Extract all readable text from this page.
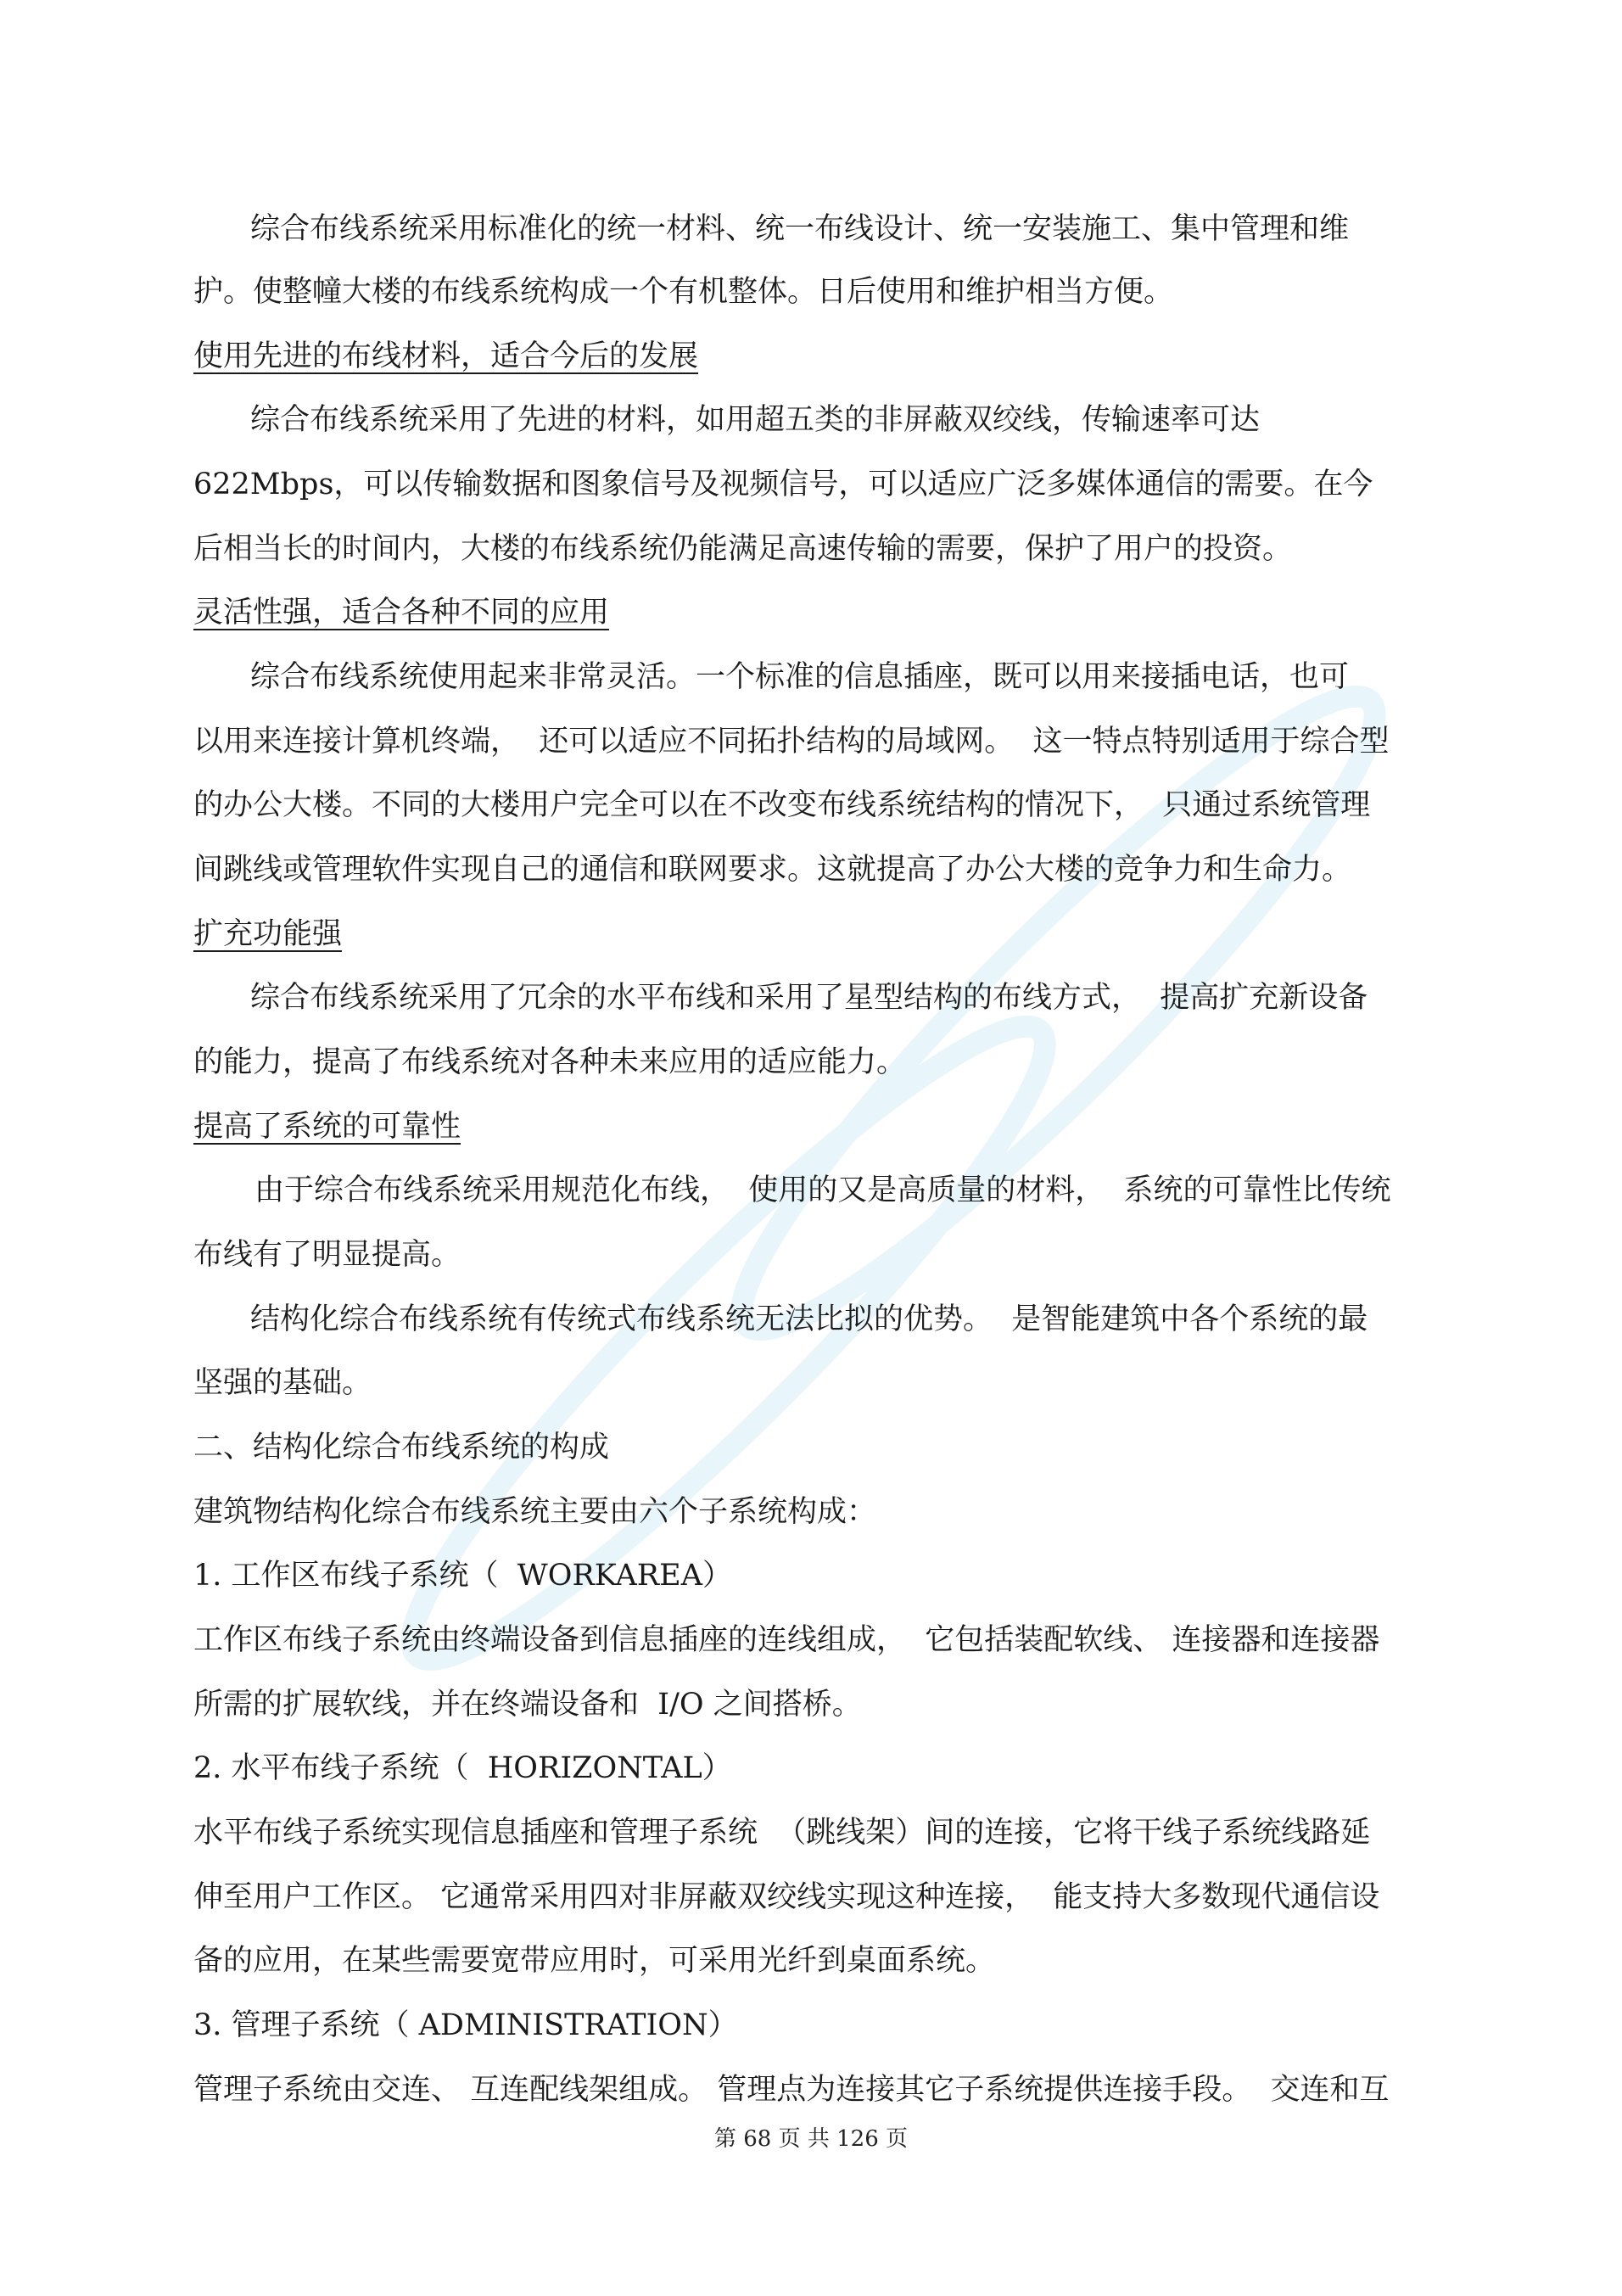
综合布线系统采用标准化的统一材料、统一布线设计、统一安装施工、集中管理和维

护。使整幢大楼的布线系统构成一个有机整体。日后使用和维护相当方便。

使用先进的布线材料，适合今后的发展

综合布线系统采用了先进的材料，如用超五类的非屏蔽双绞线，传输速率可达

622Mbps，可以传输数据和图象信号及视频信号，可以适应广泛多媒体通信的需要。在今

后相当长的时间内，大楼的布线系统仍能满足高速传输的需要，保护了用户的投资。

灵活性强，适合各种不同的应用

综合布线系统使用起来非常灵活。一个标准的信息插座，既可以用来接插电话，也可

以用来连接计算机终端，  还可以适应不同拓扑结构的局域网。  这一特点特别适用于综合型

的办公大楼。不同的大楼用户完全可以在不改变布线系统结构的情况下，  只通过系统管理

间跳线或管理软件实现自己的通信和联网要求。这就提高了办公大楼的竞争力和生命力。

扩充功能强

综合布线系统采用了冗余的水平布线和采用了星型结构的布线方式，  提高扩充新设备

的能力，提高了布线系统对各种未来应用的适应能力。

提高了系统的可靠性

由于综合布线系统采用规范化布线，  使用的又是高质量的材料，  系统的可靠性比传统

布线有了明显提高。

结构化综合布线系统有传统式布线系统无法比拟的优势。  是智能建筑中各个系统的最

坚强的基础。

二、结构化综合布线系统的构成

建筑物结构化综合布线系统主要由六个子系统构成：

1. 工作区布线子系统（  WORKAREA）

工作区布线子系统由终端设备到信息插座的连线组成，  它包括装配软线、 连接器和连接器

所需的扩展软线，并在终端设备和  I/O 之间搭桥。

2. 水平布线子系统（  HORIZONTAL）

水平布线子系统实现信息插座和管理子系统  （跳线架）间的连接，它将干线子系统线路延

伸至用户工作区。 它通常采用四对非屏蔽双绞线实现这种连接，  能支持大多数现代通信设

备的应用，在某些需要宽带应用时，可采用光纤到桌面系统。

3. 管理子系统（ ADMINISTRATION）

管理子系统由交连、 互连配线架组成。 管理点为连接其它子系统提供连接手段。  交连和互

第 68 页 共 126 页
